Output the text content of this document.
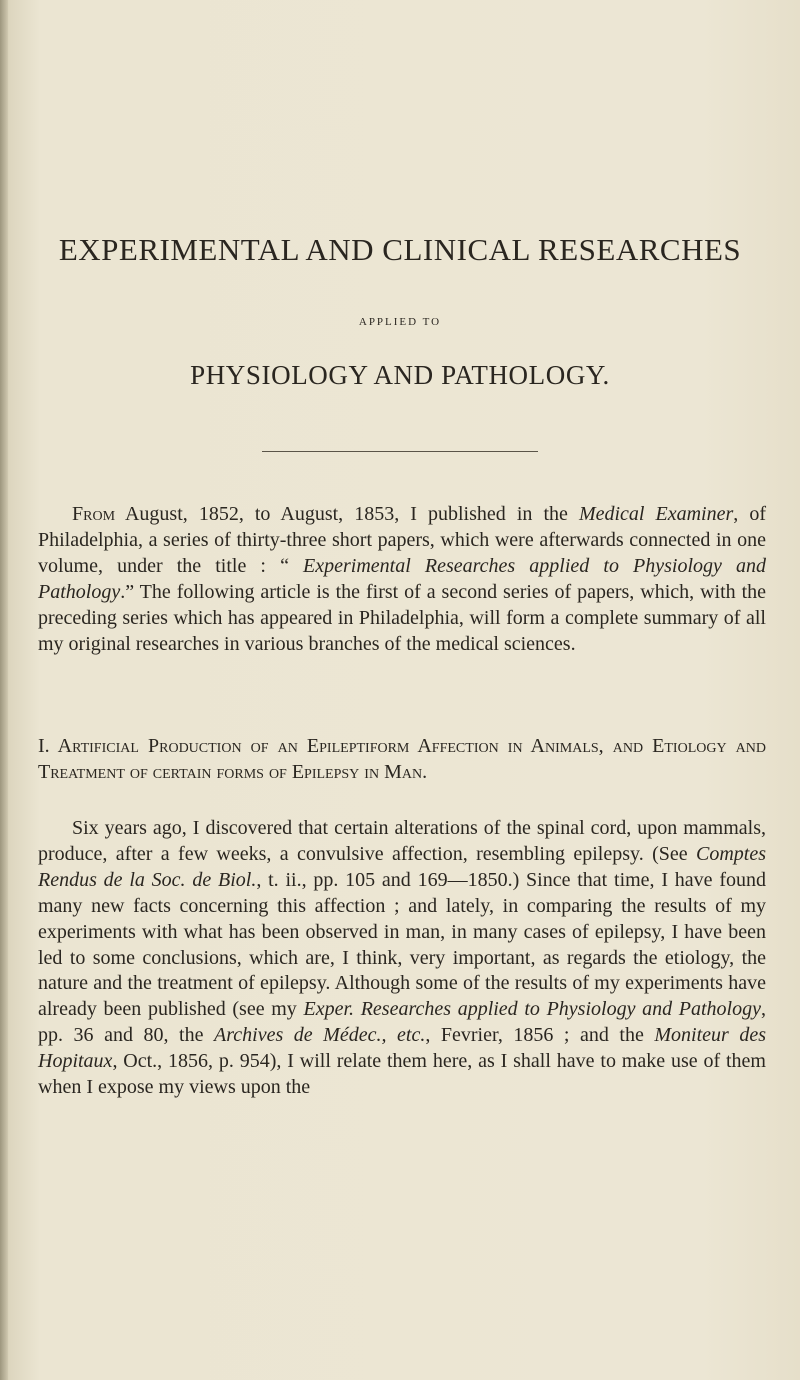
EXPERIMENTAL AND CLINICAL RESEARCHES
APPLIED TO
PHYSIOLOGY AND PATHOLOGY.

From August, 1852, to August, 1853, I published in the Medical Examiner, of Philadelphia, a series of thirty-three short papers, which were afterwards connected in one volume, under the title : “ Experimental Researches applied to Physiology and Pathology.” The following article is the first of a second series of papers, which, with the preceding series which has appeared in Philadelphia, will form a complete summary of all my original researches in various branches of the medical sciences.

I. Artificial Production of an Epileptiform Affection in Animals, and Etiology and Treatment of certain forms of Epilepsy in Man.

Six years ago, I discovered that certain alterations of the spinal cord, upon mammals, produce, after a few weeks, a convulsive affection, resembling epilepsy. (See Comptes Rendus de la Soc. de Biol., t. ii., pp. 105 and 169—1850.) Since that time, I have found many new facts concerning this affection ; and lately, in comparing the results of my experiments with what has been observed in man, in many cases of epilepsy, I have been led to some conclusions, which are, I think, very important, as regards the etiology, the nature and the treatment of epilepsy. Although some of the results of my experiments have already been published (see my Exper. Researches applied to Physiology and Pathology, pp. 36 and 80, the Archives de Médec., etc., Fevrier, 1856 ; and the Moniteur des Hopitaux, Oct., 1856, p. 954), I will relate them here, as I shall have to make use of them when I expose my views upon the
